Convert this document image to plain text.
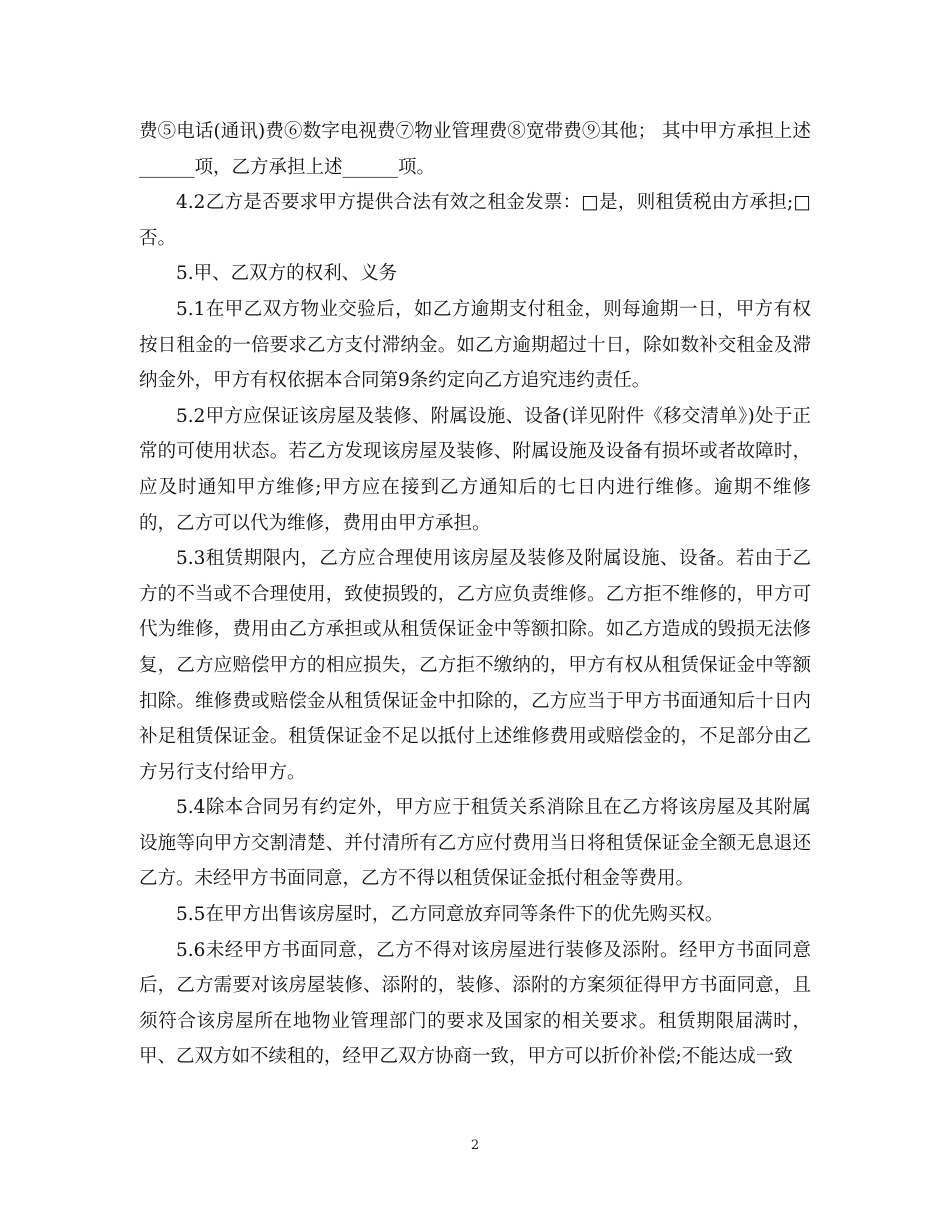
费⑤电话(通讯)费⑥数字电视费⑦物业管理费⑧宽带费⑨其他； 其中甲方承担上述______项，乙方承担上述______项。

4.2乙方是否要求甲方提供合法有效之租金发票：□是，则租赁税由方承担;□否。

5.甲、乙双方的权利、义务

5.1在甲乙双方物业交验后，如乙方逾期支付租金，则每逾期一日，甲方有权按日租金的一倍要求乙方支付滞纳金。如乙方逾期超过十日，除如数补交租金及滞纳金外，甲方有权依据本合同第9条约定向乙方追究违约责任。

5.2甲方应保证该房屋及装修、附属设施、设备(详见附件《移交清单》)处于正常的可使用状态。若乙方发现该房屋及装修、附属设施及设备有损坏或者故障时，应及时通知甲方维修;甲方应在接到乙方通知后的七日内进行维修。逾期不维修的，乙方可以代为维修，费用由甲方承担。

5.3租赁期限内，乙方应合理使用该房屋及装修及附属设施、设备。若由于乙方的不当或不合理使用，致使损毁的，乙方应负责维修。乙方拒不维修的，甲方可代为维修，费用由乙方承担或从租赁保证金中等额扣除。如乙方造成的毁损无法修复，乙方应赔偿甲方的相应损失，乙方拒不缴纳的，甲方有权从租赁保证金中等额扣除。维修费或赔偿金从租赁保证金中扣除的，乙方应当于甲方书面通知后十日内补足租赁保证金。租赁保证金不足以抵付上述维修费用或赔偿金的，不足部分由乙方另行支付给甲方。

5.4除本合同另有约定外，甲方应于租赁关系消除且在乙方将该房屋及其附属设施等向甲方交割清楚、并付清所有乙方应付费用当日将租赁保证金全额无息退还乙方。未经甲方书面同意，乙方不得以租赁保证金抵付租金等费用。

5.5在甲方出售该房屋时，乙方同意放弃同等条件下的优先购买权。

5.6未经甲方书面同意，乙方不得对该房屋进行装修及添附。经甲方书面同意后，乙方需要对该房屋装修、添附的，装修、添附的方案须征得甲方书面同意，且须符合该房屋所在地物业管理部门的要求及国家的相关要求。租赁期限届满时，甲、乙双方如不续租的，经甲乙双方协商一致，甲方可以折价补偿;不能达成一致

2
